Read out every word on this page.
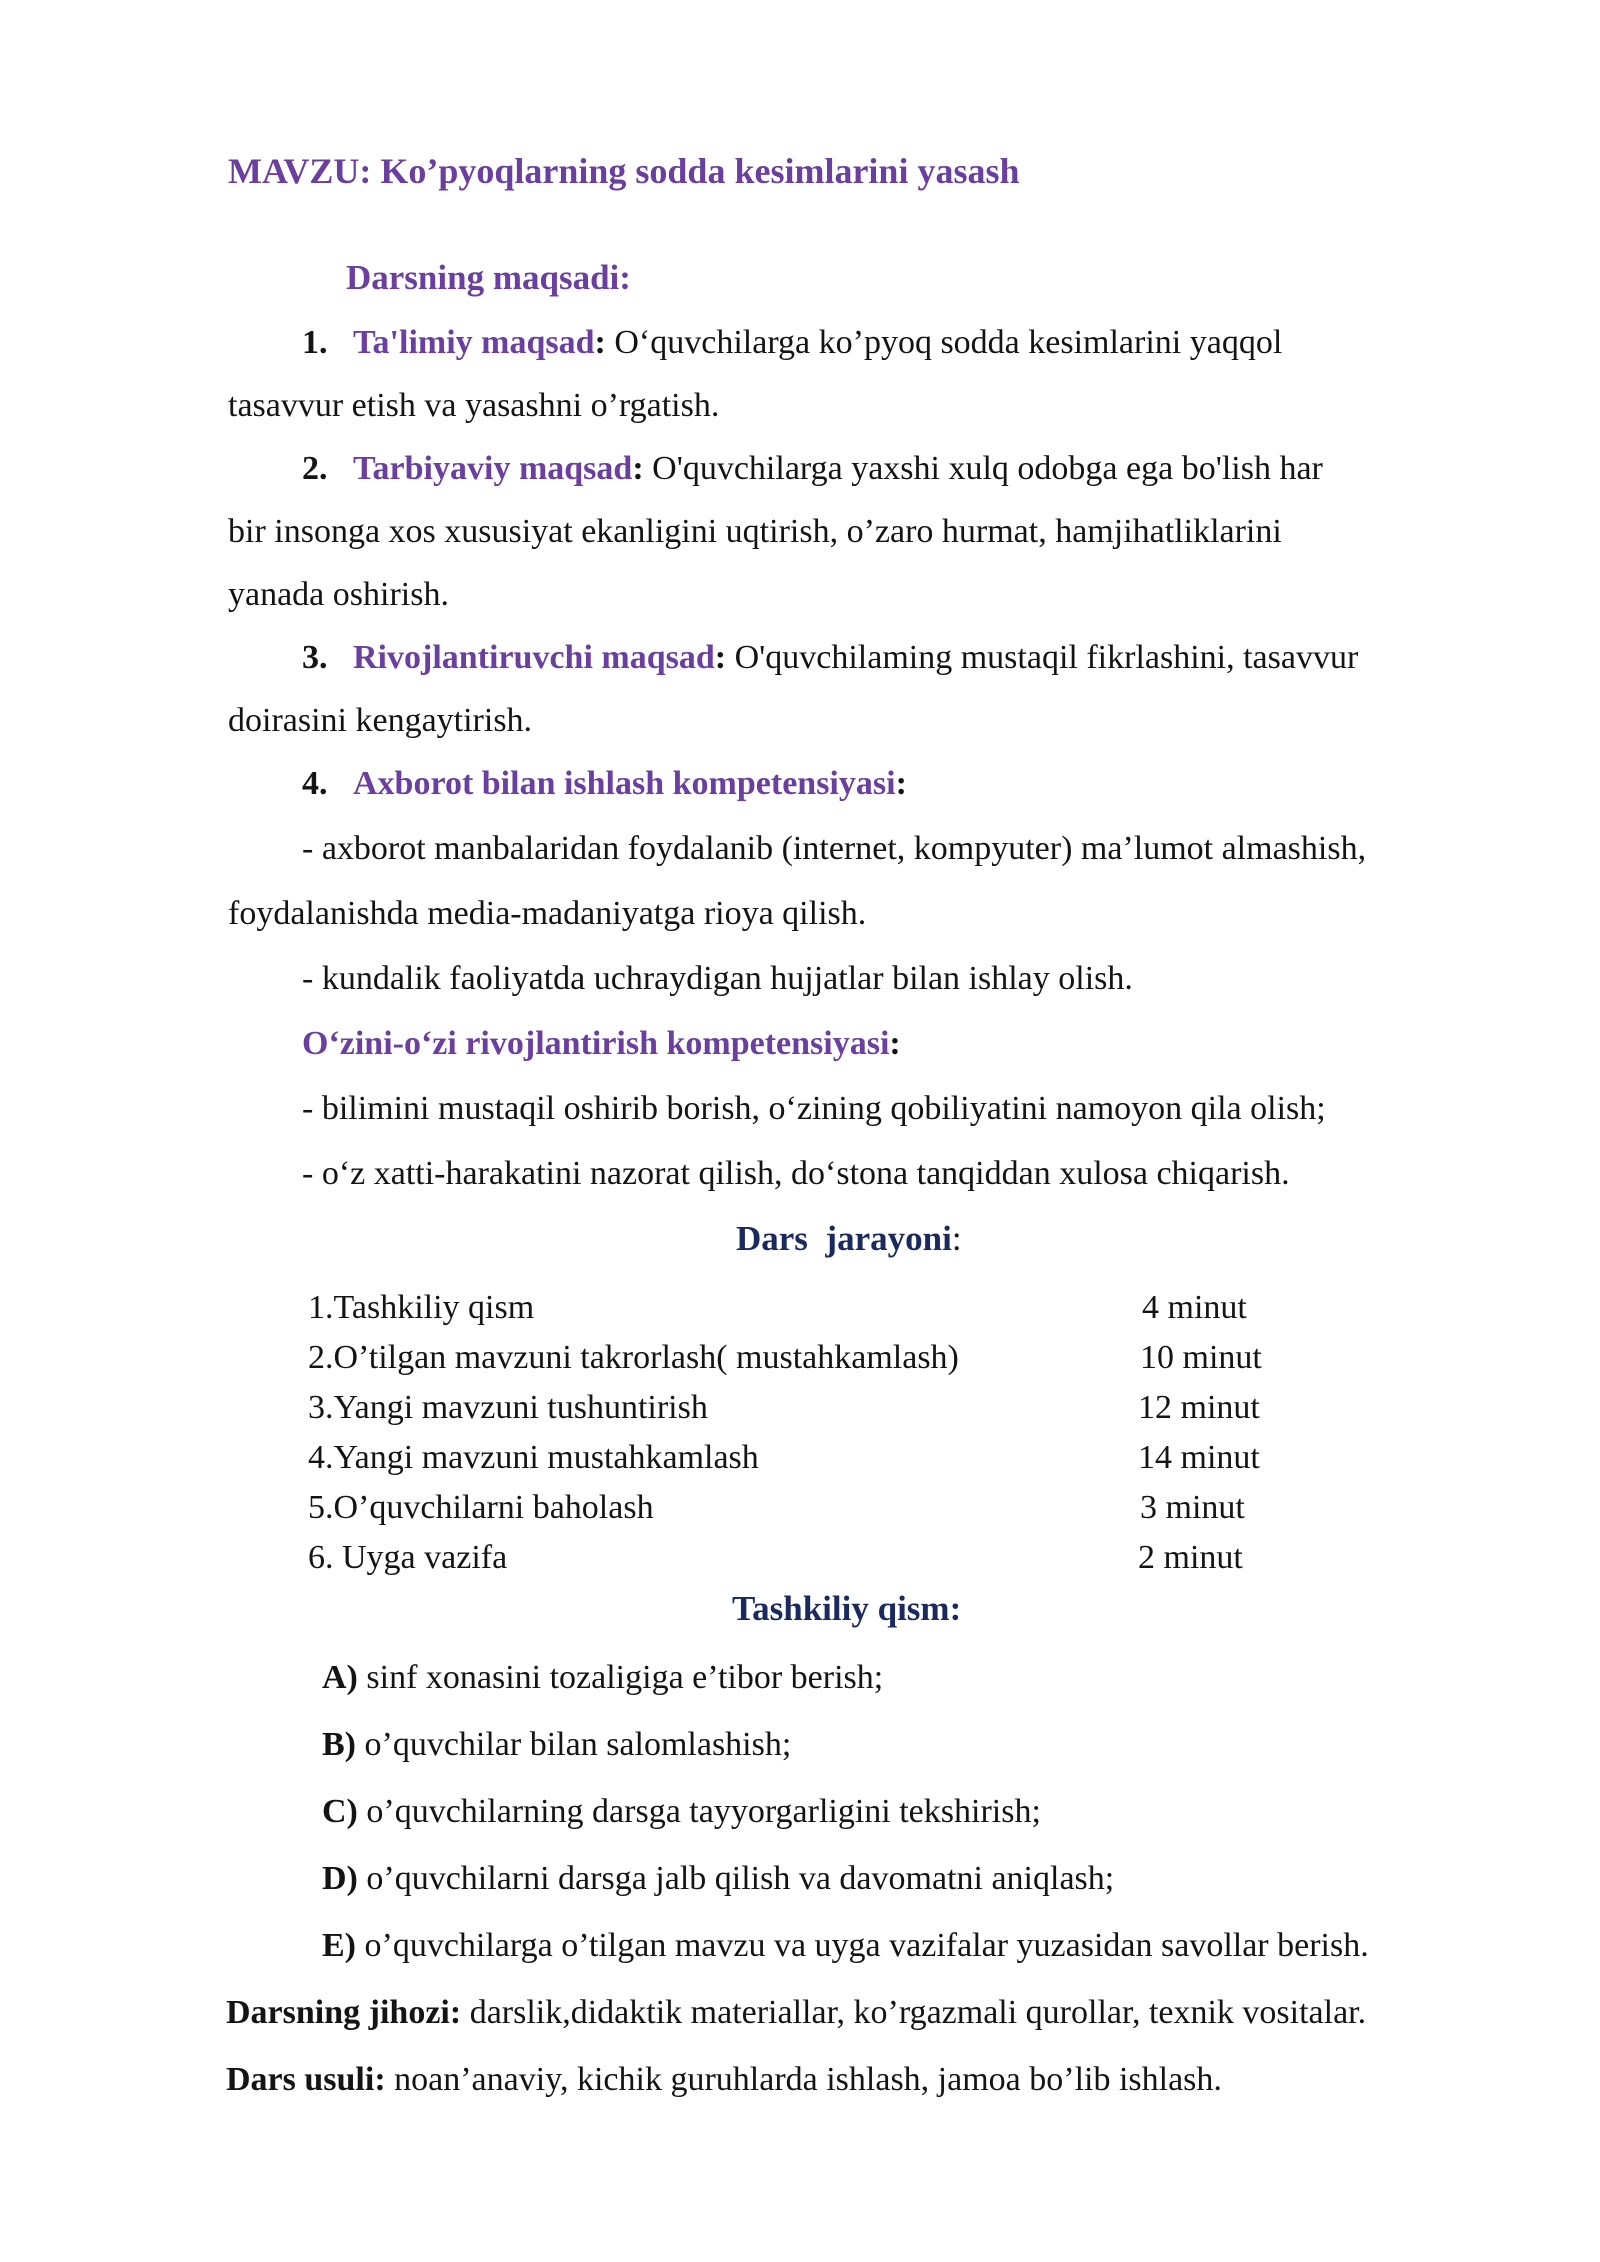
MAVZU: Ko’pyoqlarning sodda kesimlarini yasash
Darsning maqsadi:
1. Ta'limiy maqsad: O‘quvchilarga ko’pyoq sodda kesimlarini yaqqol
tasavvur etish va yasashni o’rgatish.
2. Tarbiyaviy maqsad: O'quvchilarga yaxshi xulq odobga ega bo'lish har
bir insonga xos xususiyat ekanligini uqtirish, o’zaro hurmat, hamjihatliklarini
yanada oshirish.
3. Rivojlantiruvchi maqsad: O'quvchilaming mustaqil fikrlashini, tasavvur
doirasini kengaytirish.
4. Axborot bilan ishlash kompetensiyasi:
- axborot manbalaridan foydalanib (internet, kompyuter) ma’lumot almashish,
foydalanishda media-madaniyatga rioya qilish.
- kundalik faoliyatda uchraydigan hujjatlar bilan ishlay olish.
O‘zini-o‘zi rivojlantirish kompetensiyasi:
- bilimini mustaqil oshirib borish, o‘zining qobiliyatini namoyon qila olish;
- o‘z xatti-harakatini nazorat qilish, do‘stona tanqiddan xulosa chiqarish.
Dars  jarayoni:
1.Tashkiliy qism	4 minut
2.O’tilgan mavzuni takrorlash( mustahkamlash)	10 minut
3.Yangi mavzuni tushuntirish	12 minut
4.Yangi mavzuni mustahkamlash	14 minut
5.O’quvchilarni baholash	3 minut
6. Uyga vazifa	2 minut
Tashkiliy qism:
A) sinf xonasini tozaligiga e’tibor berish;
B) o’quvchilar bilan salomlashish;
C) o’quvchilarning darsga tayyorgarligini tekshirish;
D) o’quvchilarni darsga jalb qilish va davomatni aniqlash;
E) o’quvchilarga o’tilgan mavzu va uyga vazifalar yuzasidan savollar berish.
Darsning jihozi: darslik,didaktik materiallar, ko’rgazmali qurollar, texnik vositalar.
Dars usuli: noan’anaviy, kichik guruhlarda ishlash, jamoa bo’lib ishlash.
